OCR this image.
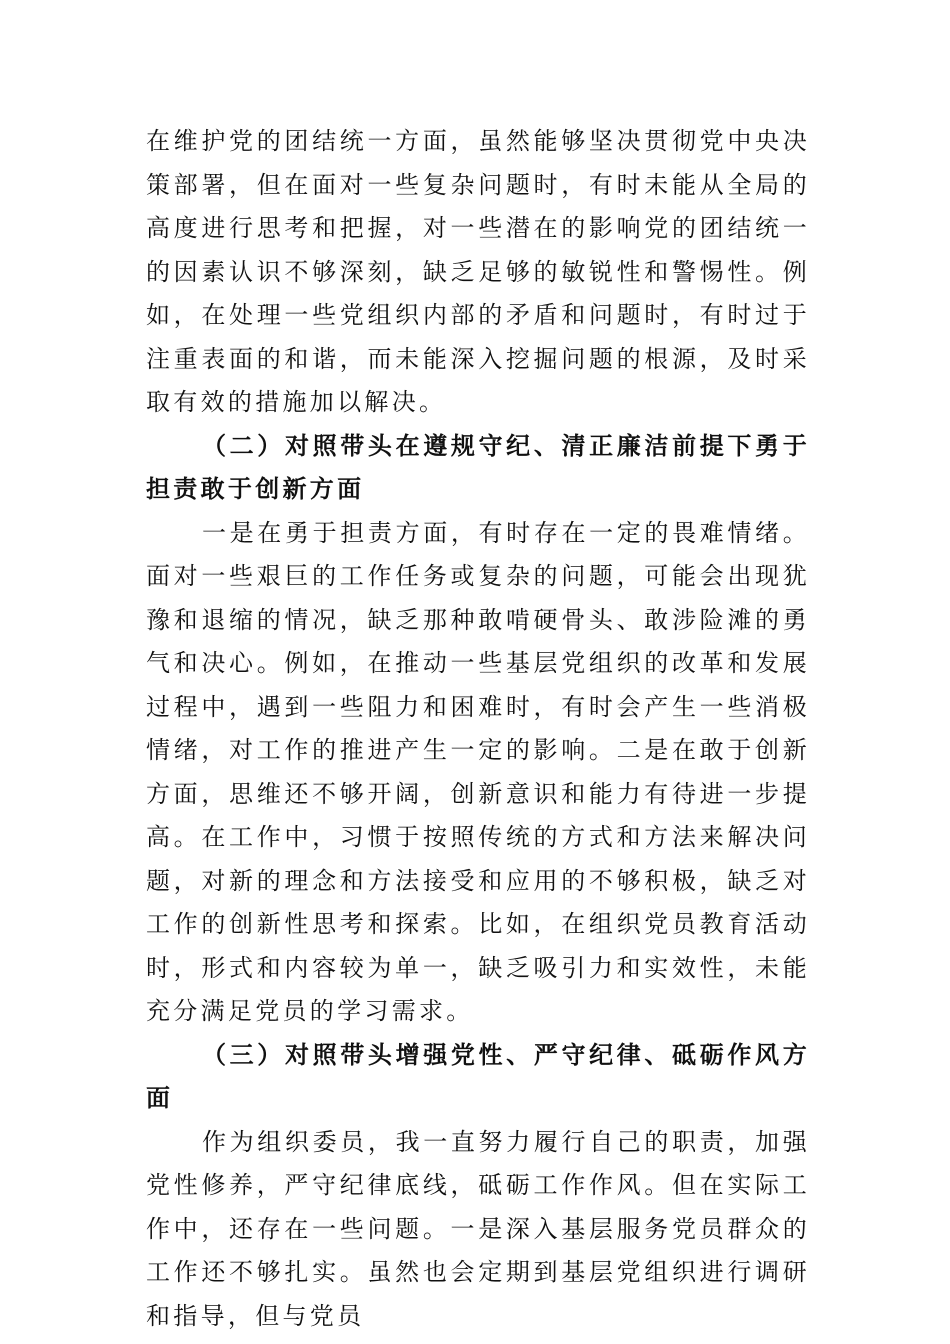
在维护党的团结统一方面，虽然能够坚决贯彻党中央决策部署，但在面对一些复杂问题时，有时未能从全局的高度进行思考和把握，对一些潜在的影响党的团结统一的因素认识不够深刻，缺乏足够的敏锐性和警惕性。例如，在处理一些党组织内部的矛盾和问题时，有时过于注重表面的和谐，而未能深入挖掘问题的根源，及时采取有效的措施加以解决。

（二）对照带头在遵规守纪、清正廉洁前提下勇于担责敢于创新方面

一是在勇于担责方面，有时存在一定的畏难情绪。面对一些艰巨的工作任务或复杂的问题，可能会出现犹豫和退缩的情况，缺乏那种敢啃硬骨头、敢涉险滩的勇气和决心。例如，在推动一些基层党组织的改革和发展过程中，遇到一些阻力和困难时，有时会产生一些消极情绪，对工作的推进产生一定的影响。二是在敢于创新方面，思维还不够开阔，创新意识和能力有待进一步提高。在工作中，习惯于按照传统的方式和方法来解决问题，对新的理念和方法接受和应用的不够积极，缺乏对工作的创新性思考和探索。比如，在组织党员教育活动时，形式和内容较为单一，缺乏吸引力和实效性，未能充分满足党员的学习需求。

（三）对照带头增强党性、严守纪律、砥砺作风方面

作为组织委员，我一直努力履行自己的职责，加强党性修养，严守纪律底线，砥砺工作作风。但在实际工作中，还存在一些问题。一是深入基层服务党员群众的工作还不够扎实。虽然也会定期到基层党组织进行调研和指导，但与党员
